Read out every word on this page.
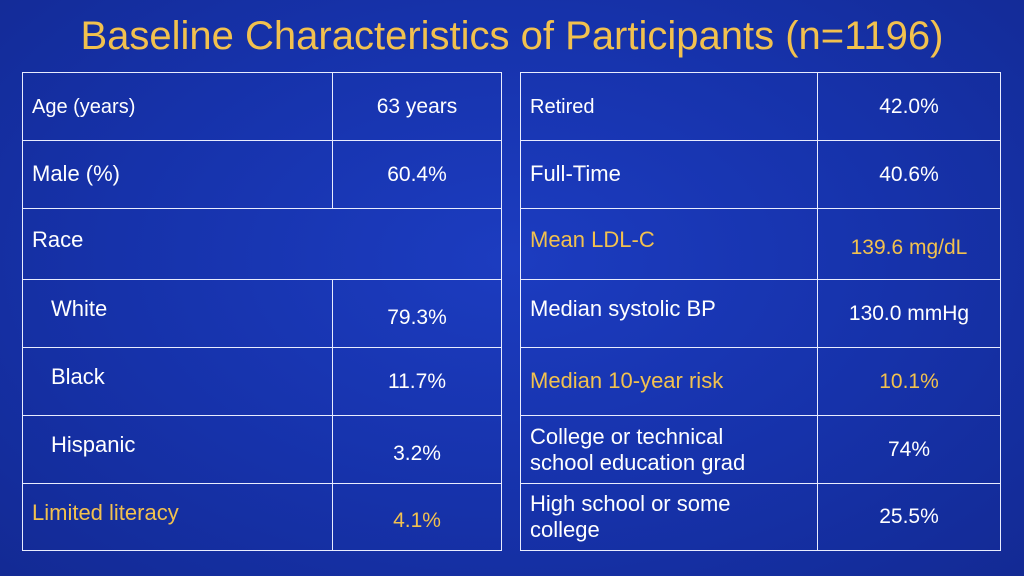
Baseline Characteristics of Participants (n=1196)
Age (years)	63 years
Male (%)	60.4%
Race	
White	79.3%
Black	11.7%
Hispanic	3.2%
Limited literacy	4.1%
Retired	42.0%
Full-Time	40.6%
Mean LDL-C	139.6 mg/dL
Median systolic BP	130.0 mmHg
Median 10-year risk	10.1%
College or technical
school education grad	74%
High school or some
college	25.5%
